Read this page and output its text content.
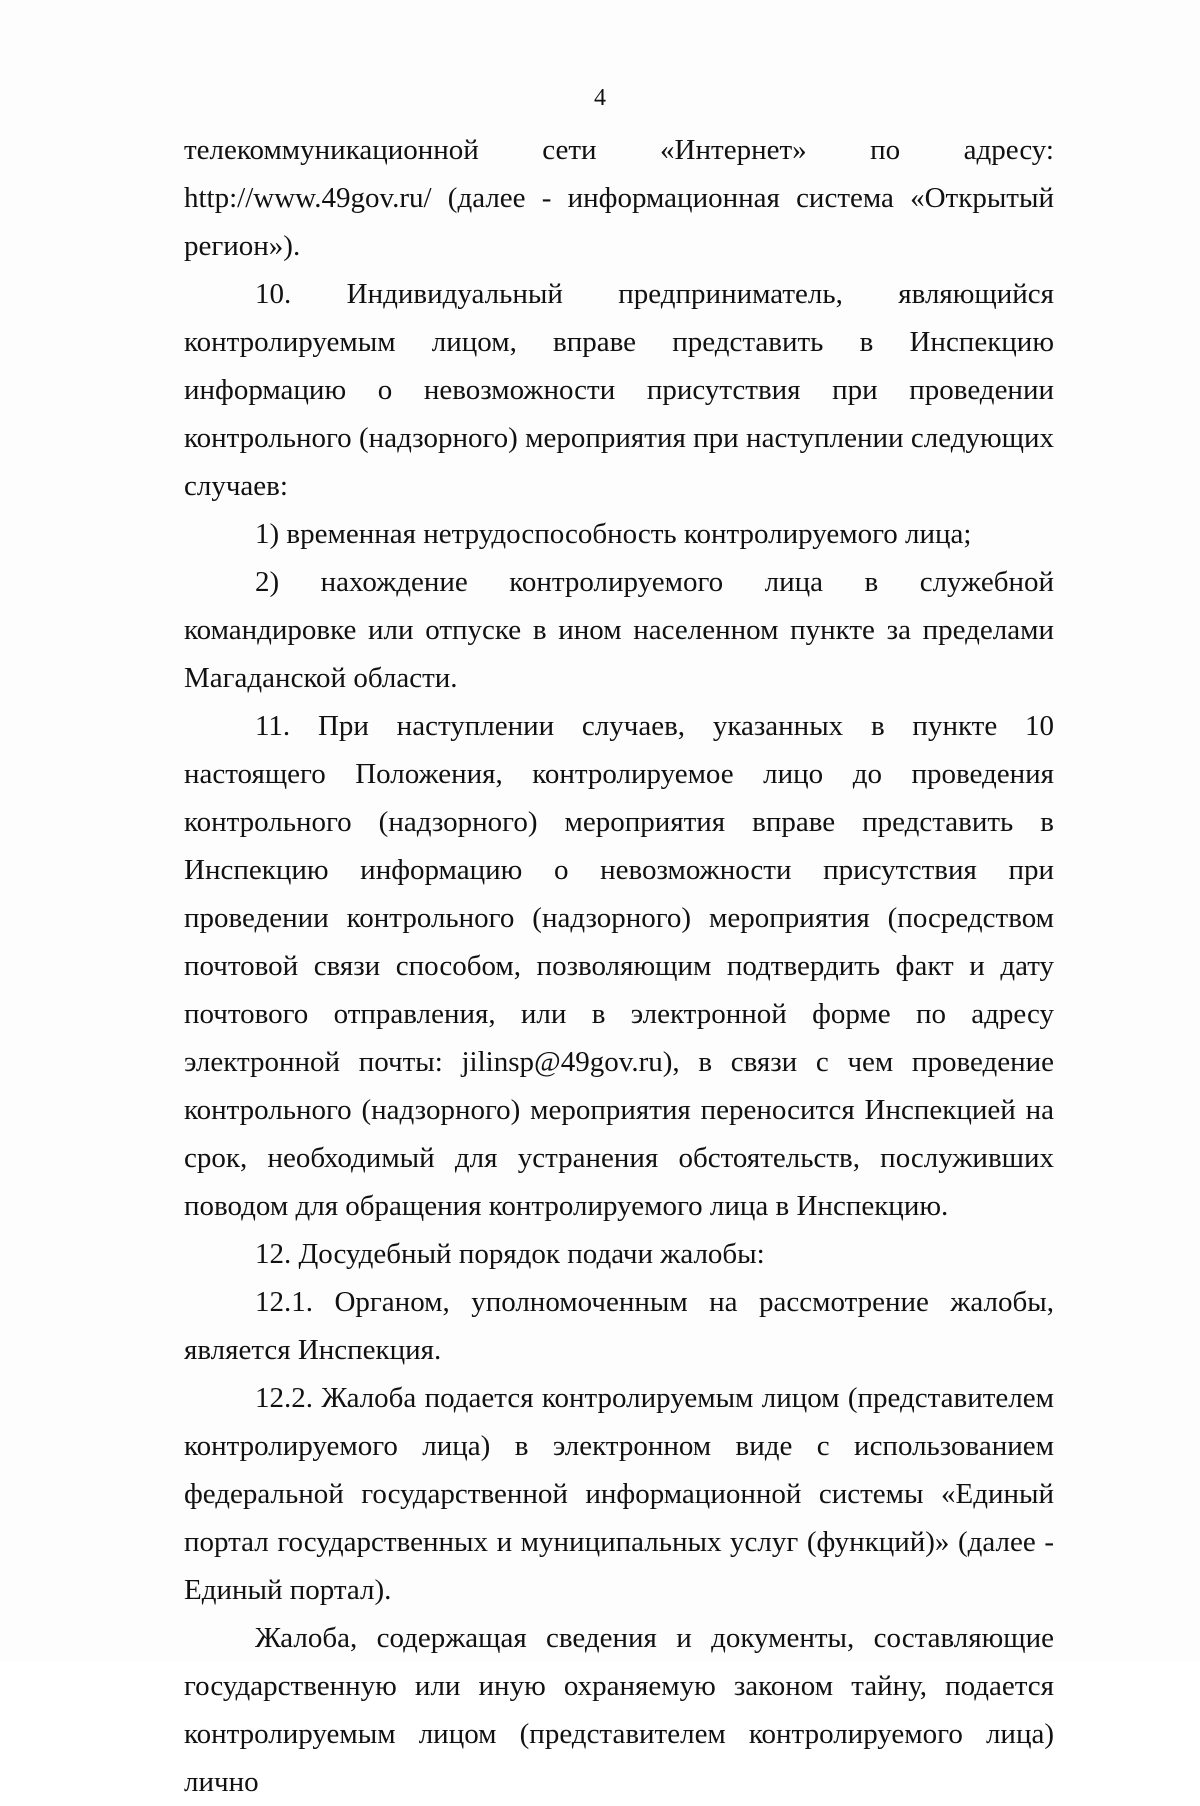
4

телекоммуникационной сети «Интернет» по адресу: http://www.49gov.ru/ (далее - информационная система «Открытый регион»).

10. Индивидуальный предприниматель, являющийся контролируемым лицом, вправе представить в Инспекцию информацию о невозможности присутствия при проведении контрольного (надзорного) мероприятия при наступлении следующих случаев:

1) временная нетрудоспособность контролируемого лица;

2) нахождение контролируемого лица в служебной командировке или отпуске в ином населенном пункте за пределами Магаданской области.

11. При наступлении случаев, указанных в пункте 10 настоящего Положения, контролируемое лицо до проведения контрольного (надзорного) мероприятия вправе представить в Инспекцию информацию о невозможности присутствия при проведении контрольного (надзорного) мероприятия (посредством почтовой связи способом, позволяющим подтвердить факт и дату почтового отправления, или в электронной форме по адресу электронной почты: jilinsp@49gov.ru), в связи с чем проведение контрольного (надзорного) мероприятия переносится Инспекцией на срок, необходимый для устранения обстоятельств, послуживших поводом для обращения контролируемого лица в Инспекцию.

12. Досудебный порядок подачи жалобы:

12.1. Органом, уполномоченным на рассмотрение жалобы, является Инспекция.

12.2. Жалоба подается контролируемым лицом (представителем контролируемого лица) в электронном виде с использованием федеральной государственной информационной системы «Единый портал государственных и муниципальных услуг (функций)» (далее - Единый портал).

Жалоба, содержащая сведения и документы, составляющие государственную или иную охраняемую законом тайну, подается контролируемым лицом (представителем контролируемого лица) лично
